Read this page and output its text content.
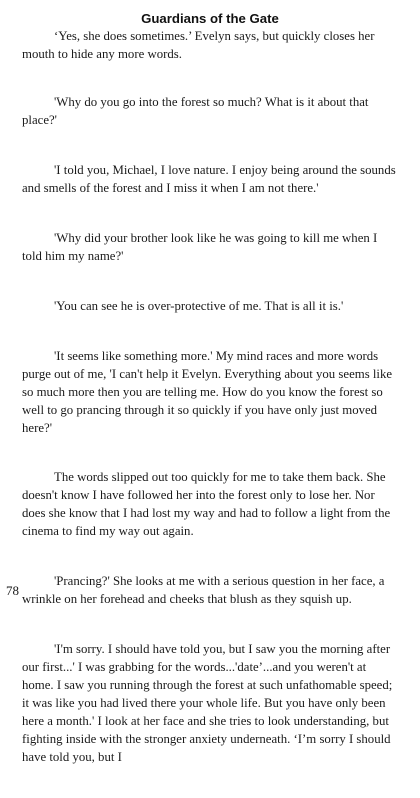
Guardians of the Gate

‘Yes, she does sometimes.’ Evelyn says, but quickly closes her mouth to hide any more words.

'Why do you go into the forest so much? What is it about that place?'

'I told you, Michael, I love nature. I enjoy being around the sounds and smells of the forest and I miss it when I am not there.'

'Why did your brother look like he was going to kill me when I told him my name?'

'You can see he is over-protective of me. That is all it is.'

'It seems like something more.' My mind races and more words purge out of me, 'I can't help it Evelyn. Everything about you seems like so much more then you are telling me. How do you know the forest so well to go prancing through it so quickly if you have only just moved here?'

The words slipped out too quickly for me to take them back. She doesn't know I have followed her into the forest only to lose her. Nor does she know that I had lost my way and had to follow a light from the cinema to find my way out again.

'Prancing?' She looks at me with a serious question in her face, a wrinkle on her forehead and cheeks that blush as they squish up.

'I'm sorry. I should have told you, but I saw you the morning after our first...' I was grabbing for the words...'date’...and you weren't at home. I saw you running through the forest at such unfathomable speed; it was like you had lived there your whole life. But you have only been here a month.' I look at her face and she tries to look understanding, but fighting inside with the stronger anxiety underneath. ‘I’m sorry I should have told you, but I

78
